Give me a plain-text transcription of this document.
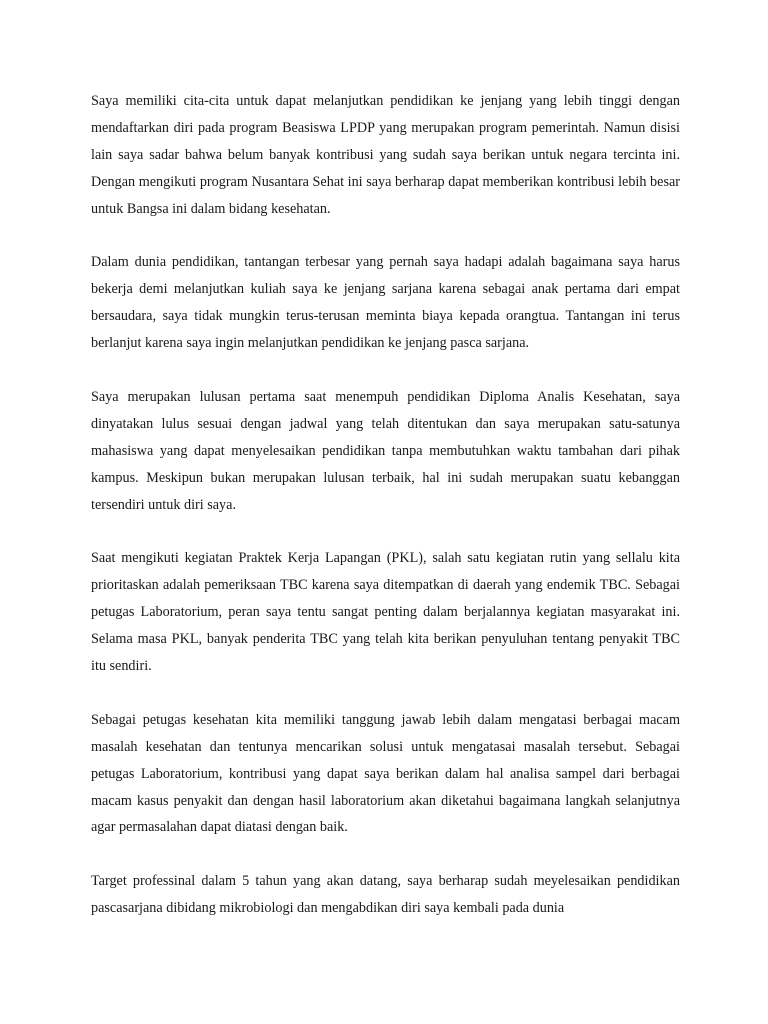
Saya memiliki cita-cita untuk dapat melanjutkan pendidikan ke jenjang yang lebih tinggi dengan mendaftarkan diri pada program Beasiswa LPDP yang merupakan program pemerintah. Namun disisi lain saya sadar bahwa belum banyak kontribusi yang sudah saya berikan untuk negara tercinta ini. Dengan mengikuti program Nusantara Sehat ini saya berharap dapat memberikan kontribusi lebih besar untuk Bangsa ini dalam bidang kesehatan.

Dalam dunia pendidikan, tantangan terbesar yang pernah saya hadapi adalah bagaimana saya harus bekerja demi melanjutkan kuliah saya ke jenjang sarjana karena sebagai anak pertama dari empat bersaudara, saya tidak mungkin terus-terusan meminta biaya kepada orangtua. Tantangan ini terus berlanjut karena saya ingin melanjutkan pendidikan ke jenjang pasca sarjana.

Saya merupakan lulusan pertama saat menempuh pendidikan Diploma Analis Kesehatan, saya dinyatakan lulus sesuai dengan jadwal yang telah ditentukan dan saya merupakan satu-satunya mahasiswa yang dapat menyelesaikan pendidikan tanpa membutuhkan waktu tambahan dari pihak kampus. Meskipun bukan merupakan lulusan terbaik, hal ini sudah merupakan suatu kebanggan tersendiri untuk diri saya.

Saat mengikuti kegiatan Praktek Kerja Lapangan (PKL), salah satu kegiatan rutin yang sellalu kita prioritaskan adalah pemeriksaan TBC karena saya ditempatkan di daerah yang endemik TBC. Sebagai petugas Laboratorium, peran saya tentu sangat penting dalam berjalannya kegiatan masyarakat ini. Selama masa PKL, banyak penderita TBC yang telah kita berikan penyuluhan tentang penyakit TBC itu sendiri.

Sebagai petugas kesehatan kita memiliki tanggung jawab lebih dalam mengatasi berbagai macam masalah kesehatan dan tentunya mencarikan solusi untuk mengatasai masalah tersebut. Sebagai petugas Laboratorium, kontribusi yang dapat saya berikan dalam hal analisa sampel dari berbagai macam kasus penyakit dan dengan hasil laboratorium akan diketahui bagaimana langkah selanjutnya agar permasalahan dapat diatasi dengan baik.

Target professinal dalam 5 tahun yang akan datang, saya berharap sudah meyelesaikan pendidikan pascasarjana dibidang mikrobiologi dan mengabdikan diri saya kembali pada dunia
